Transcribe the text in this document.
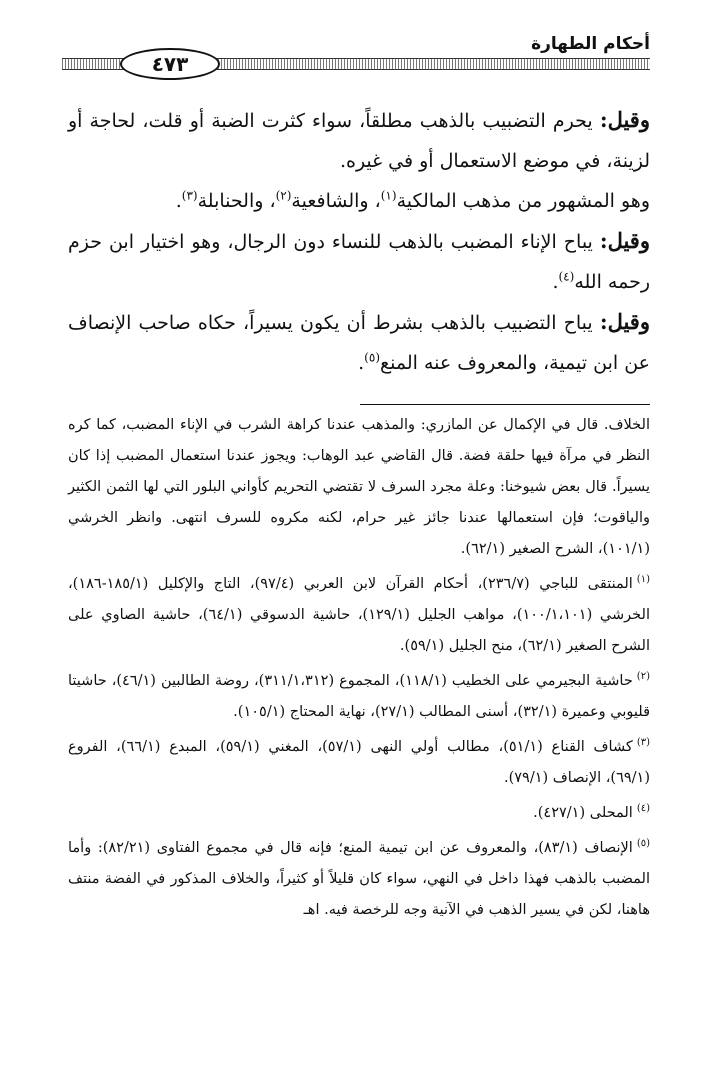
أحكام الطهارة
٤٧٣

وقيل: يحرم التضبيب بالذهب مطلقاً، سواء كثرت الضبة أو قلت، لحاجة أو لزينة، في موضع الاستعمال أو في غيره.

وهو المشهور من مذهب المالكية$^{(١)}$، والشافعية$^{(٢)}$، والحنابلة$^{(٣)}$.

وقيل: يباح الإناء المضبب بالذهب للنساء دون الرجال، وهو اختيار ابن حزم رحمه الله$^{(٤)}$.

وقيل: يباح التضبيب بالذهب بشرط أن يكون يسيراً، حكاه صاحب الإنصاف عن ابن تيمية، والمعروف عنه المنع$^{(٥)}$.

الخلاف. قال في الإكمال عن المازري: والمذهب عندنا كراهة الشرب في الإناء المضبب، كما كره النظر في مرآة فيها حلقة فضة. قال القاضي عبد الوهاب: ويجوز عندنا استعمال المضبب إذا كان يسيراً. قال بعض شيوخنا: وعلة مجرد السرف لا تقتضي التحريم كأواني البلور التي لها الثمن الكثير والياقوت؛ فإن استعمالها عندنا جائز غير حرام، لكنه مكروه للسرف انتهى. وانظر الخرشي (١٠١/١)، الشرح الصغير (٦٢/١).

$^{(١)}$المنتقى للباجي (٢٣٦/٧)، أحكام القرآن لابن العربي (٩٧/٤)، التاج والإكليل (١٨٥/١-١٨٦)، الخرشي (١٠٠/١،١٠١)، مواهب الجليل (١٢٩/١)، حاشية الدسوقي (٦٤/١)، حاشية الصاوي على الشرح الصغير (٦٢/١)، منح الجليل (٥٩/١).

$^{(٢)}$حاشية البجيرمي على الخطيب (١١٨/١)، المجموع (٣١١/١،٣١٢)، روضة الطالبين (٤٦/١)، حاشيتا قليوبي وعميرة (٣٢/١)، أسنى المطالب (٢٧/١)، نهاية المحتاج (١٠٥/١).

$^{(٣)}$كشاف القناع (٥١/١)، مطالب أولي النهى (٥٧/١)، المغني (٥٩/١)، المبدع (٦٦/١)، الفروع (٦٩/١)، الإنصاف (٧٩/١).

$^{(٤)}$المحلى (٤٢٧/١).

$^{(٥)}$الإنصاف (٨٣/١)، والمعروف عن ابن تيمية المنع؛ فإنه قال في مجموع الفتاوى (٨٢/٢١): وأما المضبب بالذهب فهذا داخل في النهي، سواء كان قليلاً أو كثيراً، والخلاف المذكور في الفضة منتف هاهنا، لكن في يسير الذهب في الآنية وجه للرخصة فيه. اهـ
